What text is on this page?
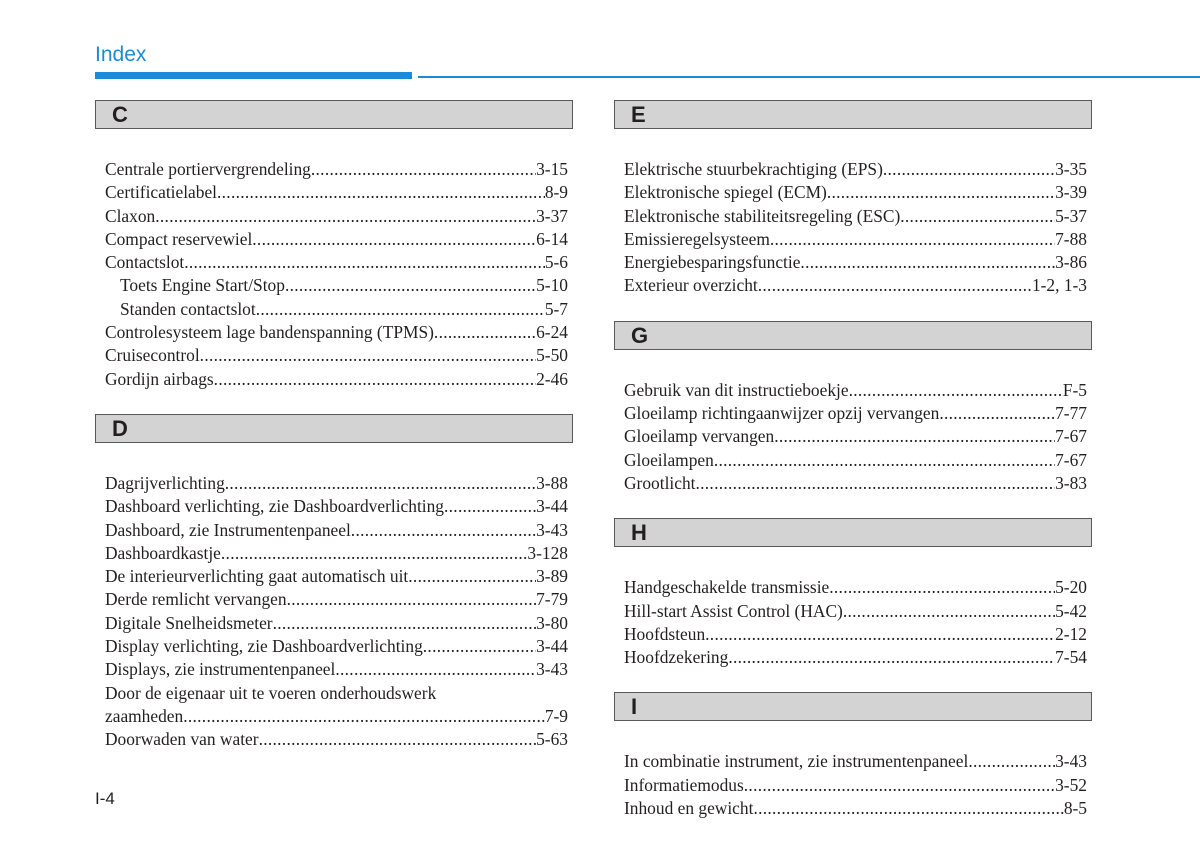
Index
C
Centrale portiervergrendeling .....	3-15
Certificatielabel .....	8-9
Claxon .....	3-37
Compact reservewiel .....	6-14
Contactslot .....	5-6
Toets Engine Start/Stop .....	5-10
Standen contactslot .....	5-7
Controlesysteem lage bandenspanning (TPMS) .....	6-24
Cruisecontrol .....	5-50
Gordijn airbags .....	2-46
D
Dagrijverlichting .....	3-88
Dashboard verlichting, zie Dashboardverlichting .....	3-44
Dashboard, zie Instrumentenpaneel .....	3-43
Dashboardkastje .....	3-128
De interieurverlichting gaat automatisch uit .....	3-89
Derde remlicht vervangen .....	7-79
Digitale Snelheidsmeter .....	3-80
Display verlichting, zie Dashboardverlichting .....	3-44
Displays, zie instrumentenpaneel .....	3-43
Door de eigenaar uit te voeren onderhoudswerk
zaamheden .....	7-9
Doorwaden van water .....	5-63
E
Elektrische stuurbekrachtiging (EPS) .....	3-35
Elektronische spiegel (ECM) .....	3-39
Elektronische stabiliteitsregeling (ESC) .....	5-37
Emissieregelsysteem .....	7-88
Energiebesparingsfunctie .....	3-86
Exterieur overzicht .....	1-2, 1-3
G
Gebruik van dit instructieboekje .....	F-5
Gloeilamp richtingaanwijzer opzij vervangen .....	7-77
Gloeilamp vervangen .....	7-67
Gloeilampen .....	7-67
Grootlicht .....	3-83
H
Handgeschakelde transmissie .....	5-20
Hill-start Assist Control (HAC) .....	5-42
Hoofdsteun .....	2-12
Hoofdzekering .....	7-54
I
In combinatie instrument, zie instrumentenpaneel .....	3-43
Informatiemodus .....	3-52
Inhoud en gewicht .....	8-5
I-4
